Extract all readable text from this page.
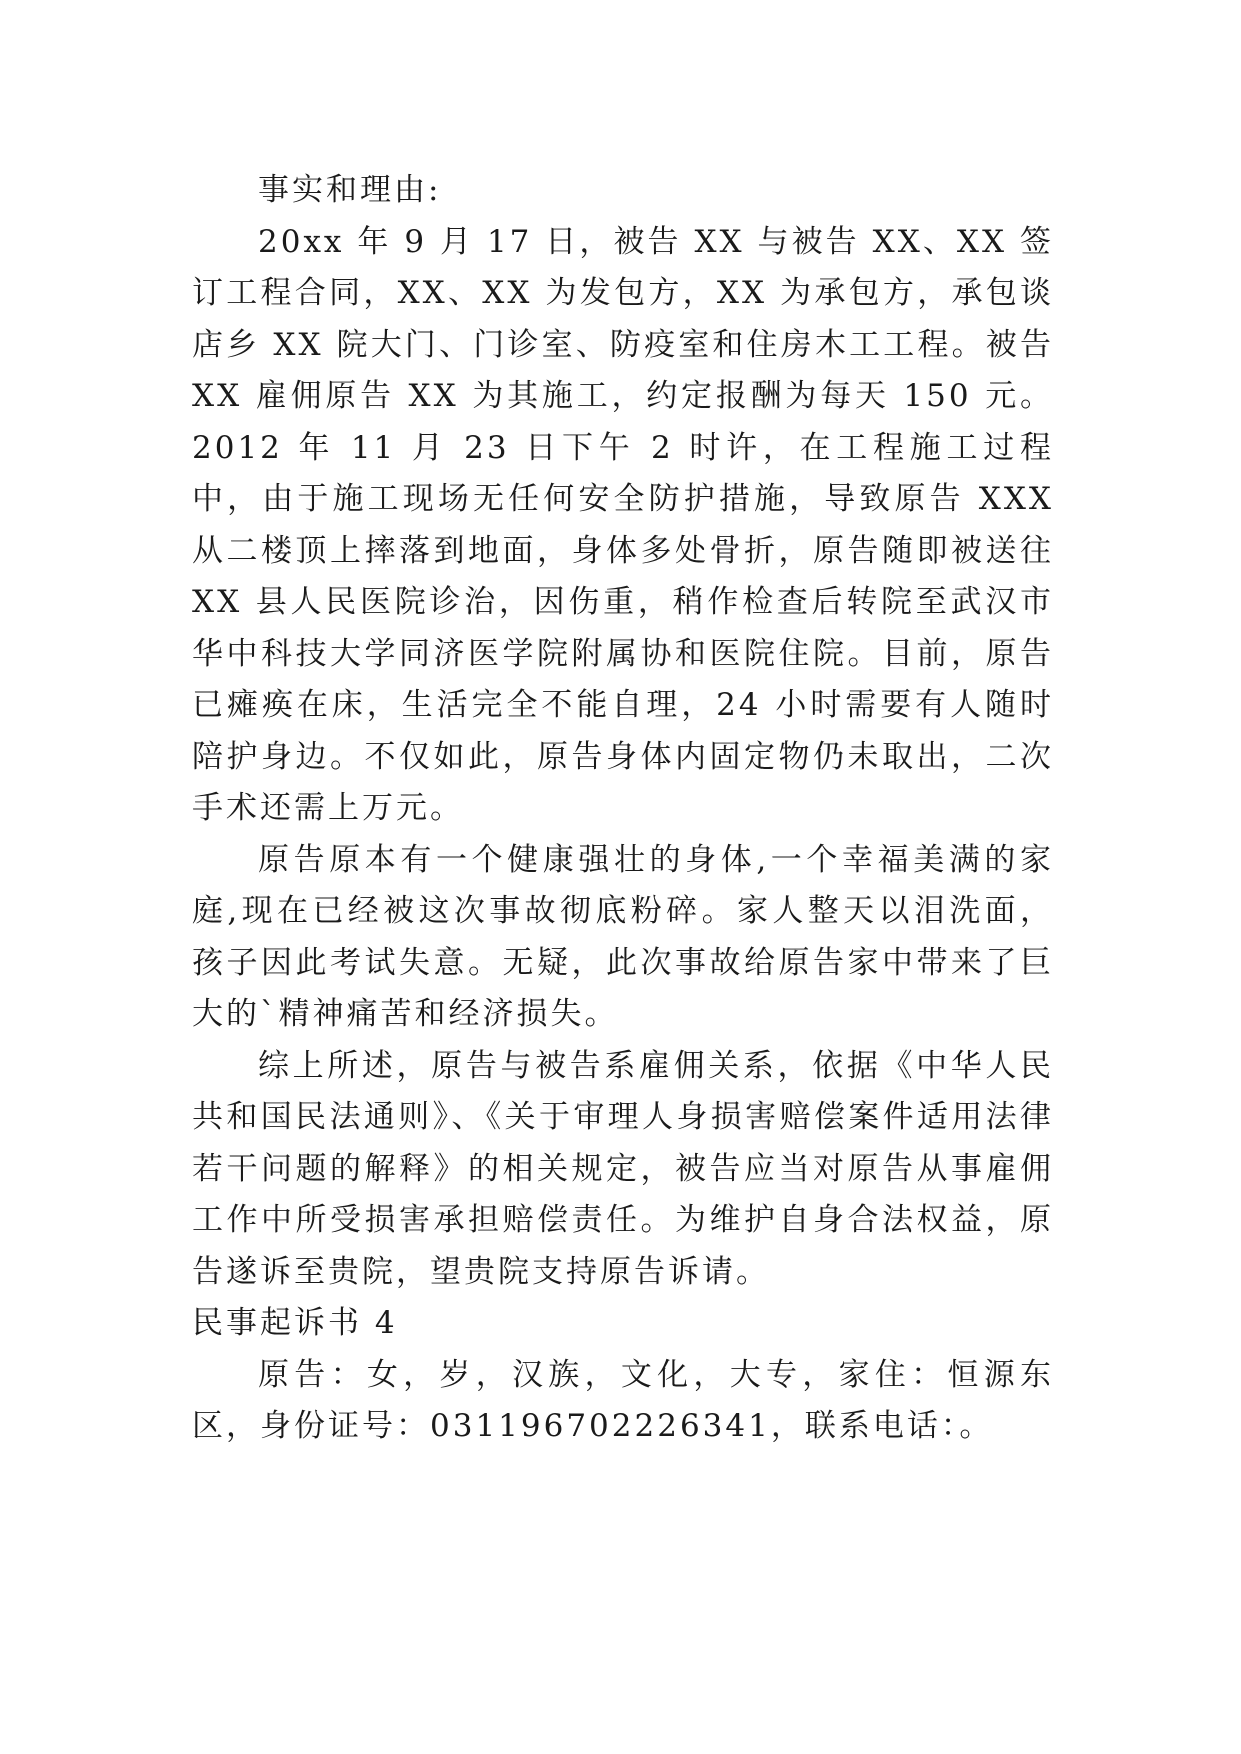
事实和理由:

20xx 年 9 月 17 日，被告 XX 与被告 XX、XX 签订工程合同，XX、XX 为发包方，XX 为承包方，承包谈店乡 XX 院大门、门诊室、防疫室和住房木工工程。被告 XX 雇佣原告 XX 为其施工，约定报酬为每天 150 元。2012 年 11 月 23 日下午 2 时许，在工程施工过程中，由于施工现场无任何安全防护措施，导致原告 XXX 从二楼顶上摔落到地面，身体多处骨折，原告随即被送往 XX 县人民医院诊治，因伤重，稍作检查后转院至武汉市华中科技大学同济医学院附属协和医院住院。目前，原告已瘫痪在床，生活完全不能自理，24 小时需要有人随时陪护身边。不仅如此，原告身体内固定物仍未取出，二次手术还需上万元。

原告原本有一个健康强壮的身体,一个幸福美满的家庭,现在已经被这次事故彻底粉碎。家人整天以泪洗面，孩子因此考试失意。无疑，此次事故给原告家中带来了巨大的`精神痛苦和经济损失。

综上所述，原告与被告系雇佣关系，依据《中华人民共和国民法通则》、《关于审理人身损害赔偿案件适用法律若干问题的解释》的相关规定，被告应当对原告从事雇佣工作中所受损害承担赔偿责任。为维护自身合法权益，原告遂诉至贵院，望贵院支持原告诉请。

民事起诉书 4

原告：女，岁，汉族，文化，大专，家住：恒源东区，身份证号：031196702226341，联系电话：。
